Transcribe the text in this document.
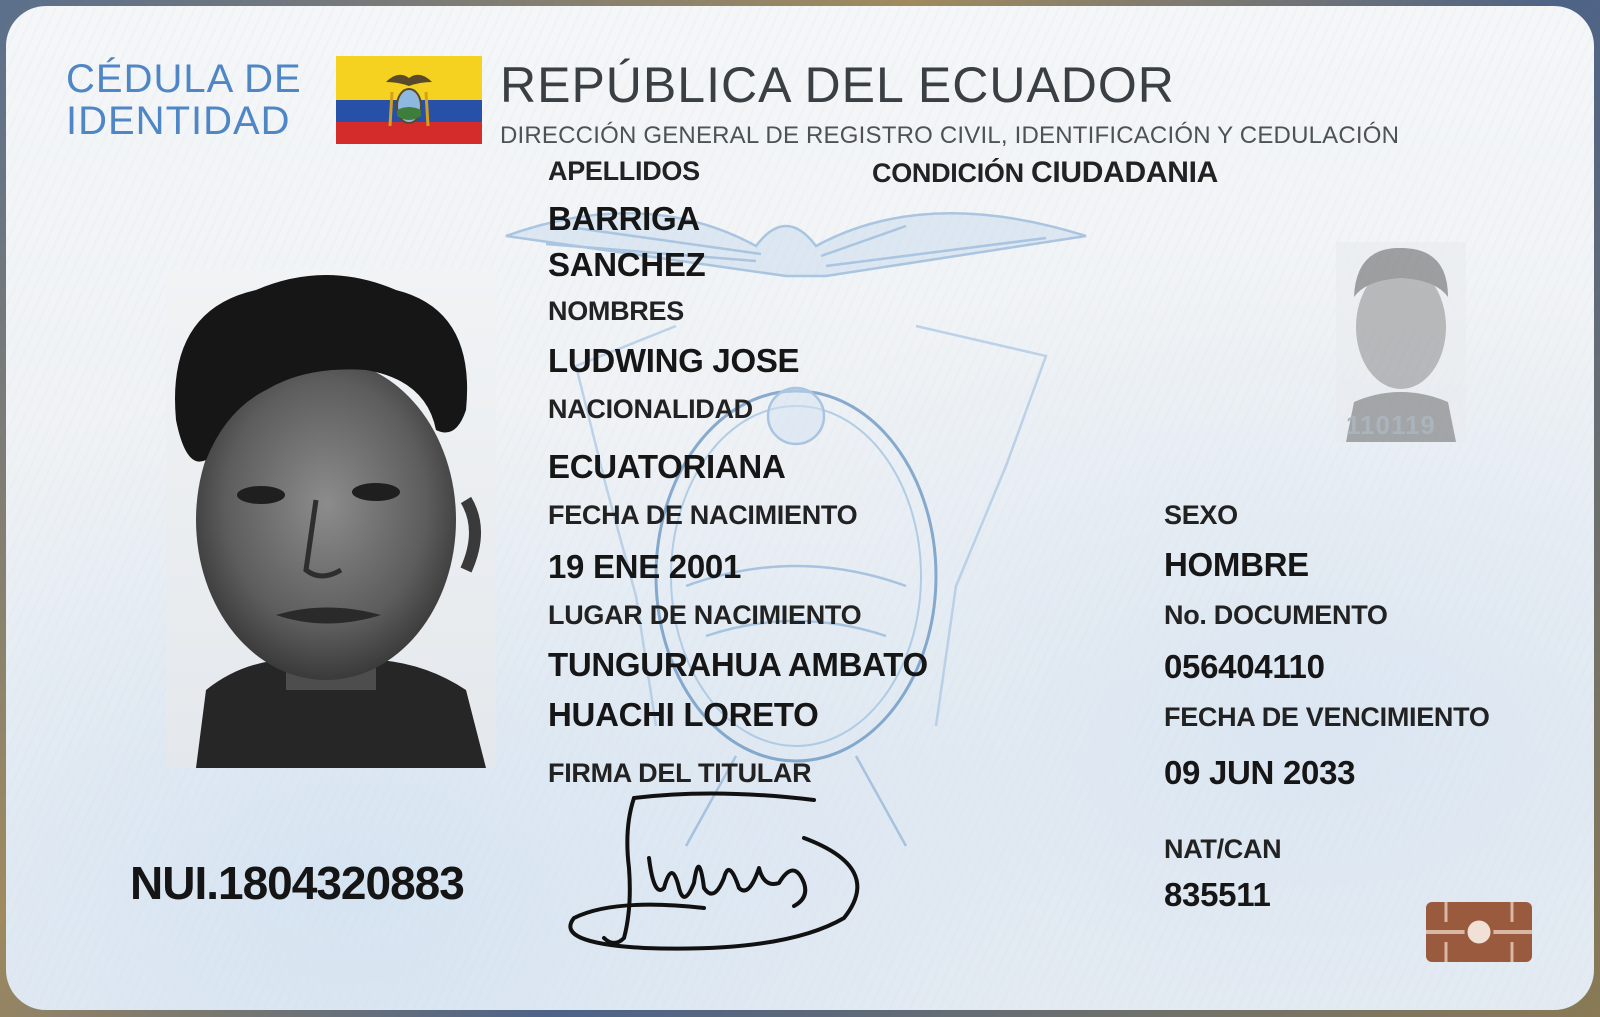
CÉDULA DE
IDENTIDAD
REPÚBLICA DEL ECUADOR
DIRECCIÓN GENERAL DE REGISTRO CIVIL, IDENTIFICACIÓN Y CEDULACIÓN
110119
APELLIDOS
BARRIGA
SANCHEZ
CONDICIÓN CIUDADANIA
NOMBRES
LUDWING JOSE
NACIONALIDAD
ECUATORIANA
FECHA DE NACIMIENTO
19 ENE 2001
LUGAR DE NACIMIENTO
TUNGURAHUA AMBATO
HUACHI LORETO
FIRMA DEL TITULAR
NUI.1804320883
SEXO
HOMBRE
No. DOCUMENTO
056404110
FECHA DE VENCIMIENTO
09 JUN 2033
NAT/CAN
835511
